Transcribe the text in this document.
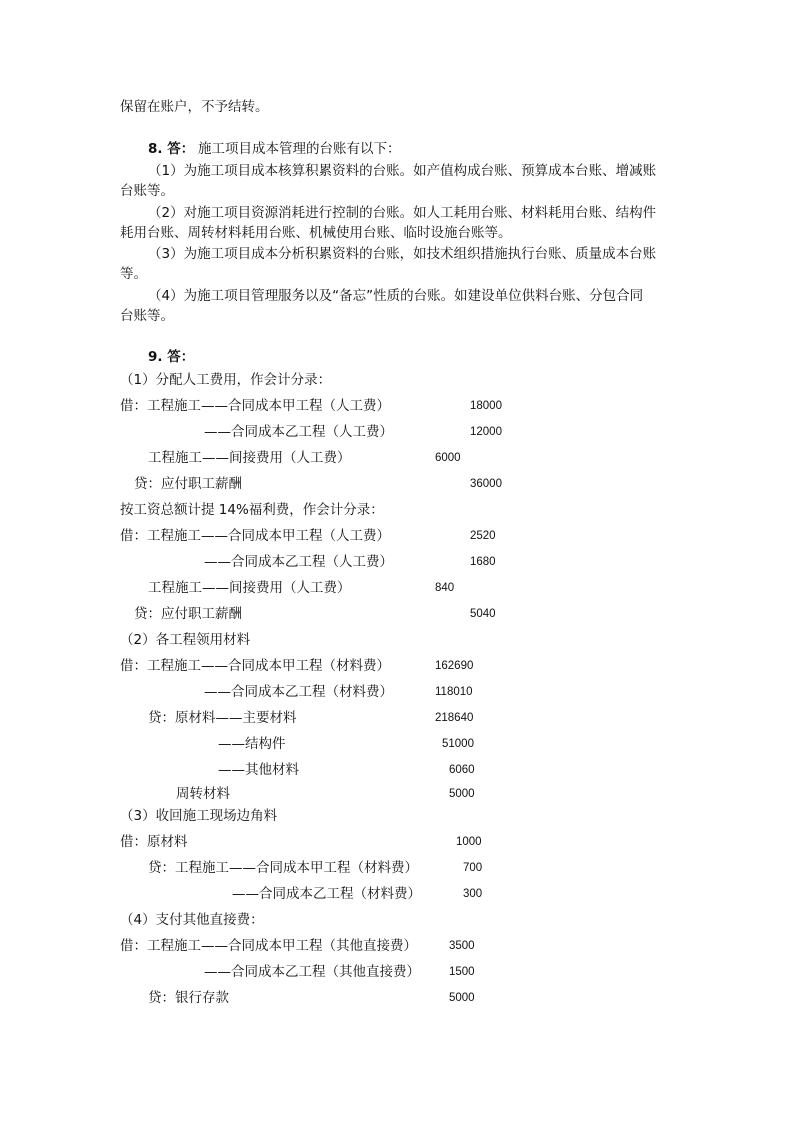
保留在账户，不予结转。
8. 答： 施工项目成本管理的台账有以下：
（1）为施工项目成本核算积累资料的台账。如产值构成台账、预算成本台账、增减账
台账等。
（2）对施工项目资源消耗进行控制的台账。如人工耗用台账、材料耗用台账、结构件
耗用台账、周转材料耗用台账、机械使用台账、临时设施台账等。
（3）为施工项目成本分析积累资料的台账，如技术组织措施执行台账、质量成本台账
等。
（4）为施工项目管理服务以及“备忘”性质的台账。如建设单位供料台账、分包合同
台账等。
9. 答：
（1）分配人工费用，作会计分录：
借：工程施工——合同成本甲工程（人工费）	18000
——合同成本乙工程（人工费）	12000
工程施工——间接费用（人工费）	6000
贷：应付职工薪酬	36000
按工资总额计提 14%福利费，作会计分录：
借：工程施工——合同成本甲工程（人工费）	2520
——合同成本乙工程（人工费）	1680
工程施工——间接费用（人工费）	840
贷：应付职工薪酬	5040
（2）各工程领用材料
借：工程施工——合同成本甲工程（材料费）	162690
——合同成本乙工程（材料费）	118010
贷：原材料——主要材料	218640
——结构件	51000
——其他材料	6060
周转材料	5000
（3）收回施工现场边角料
借：原材料	1000
贷：工程施工——合同成本甲工程（材料费）	700
——合同成本乙工程（材料费）	300
（4）支付其他直接费：
借：工程施工——合同成本甲工程（其他直接费）	3500
——合同成本乙工程（其他直接费）	1500
贷：银行存款	5000
